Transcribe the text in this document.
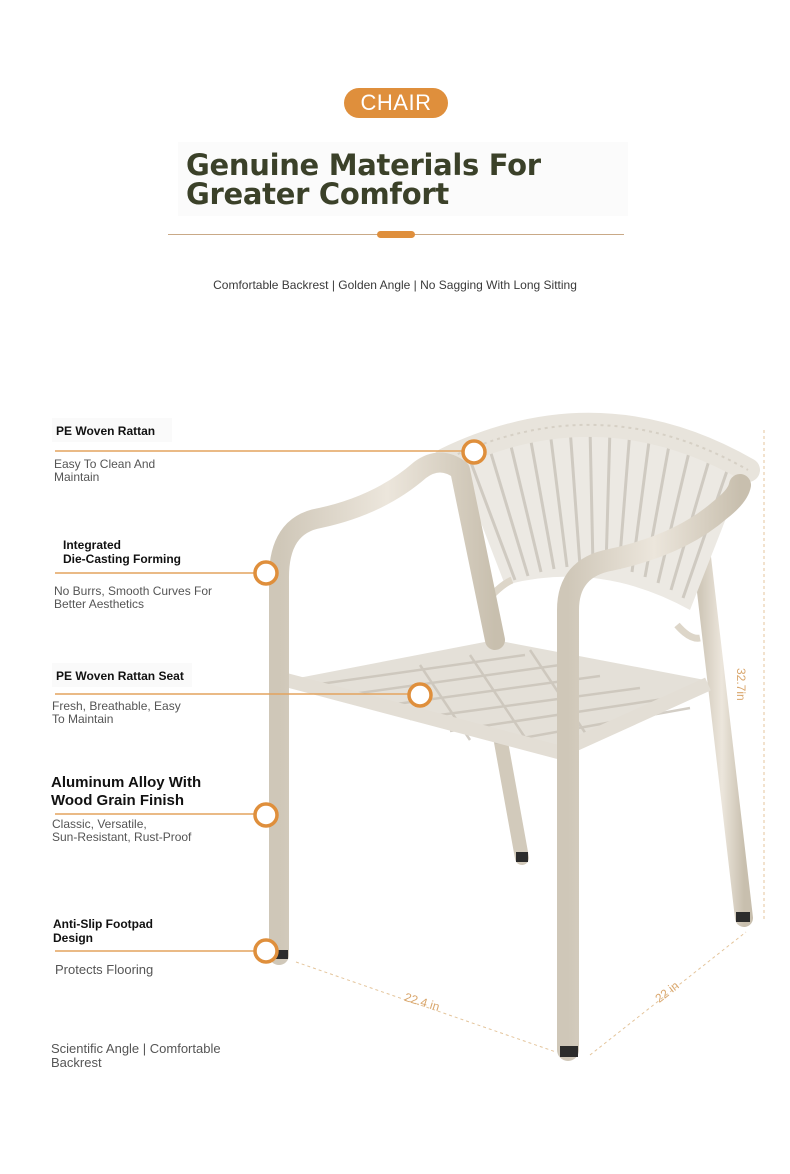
CHAIR
Genuine Materials For
Greater Comfort
Comfortable Backrest | Golden Angle | No Sagging With Long Sitting
PE Woven Rattan
Easy To Clean And
Maintain
Integrated
Die-Casting Forming
No Burrs, Smooth Curves For
Better Aesthetics
PE Woven Rattan Seat
Fresh, Breathable, Easy
To Maintain
Aluminum Alloy With
Wood Grain Finish
Classic, Versatile,
Sun-Resistant, Rust-Proof
Anti-Slip Footpad
Design
Protects Flooring
Scientific Angle | Comfortable
Backrest
32.7in
22.4 in	22 in
